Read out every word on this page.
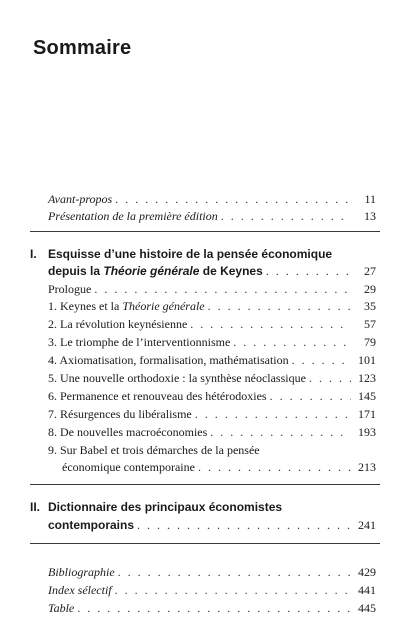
Sommaire
Avant-propos . . .	11
Présentation de la première édition . . .	13
I. Esquisse d’une histoire de la pensée économique
depuis la Théorie générale de Keynes . . .	27
Prologue . . .	29
1. Keynes et la Théorie générale . . .	35
2. La révolution keynésienne . . .	57
3. Le triomphe de l’interventionnisme . . .	79
4. Axiomatisation, formalisation, mathématisation . . .	101
5. Une nouvelle orthodoxie : la synthèse néoclassique . . .	123
6. Permanence et renouveau des hétérodoxies . . .	145
7. Résurgences du libéralisme . . .	171
8. De nouvelles macroéconomies . . .	193
9. Sur Babel et trois démarches de la pensée
économique contemporaine . . .	213
II. Dictionnaire des principaux économistes
contemporains . . .	241
Bibliographie . . .	429
Index sélectif . . .	441
Table . . .	445
